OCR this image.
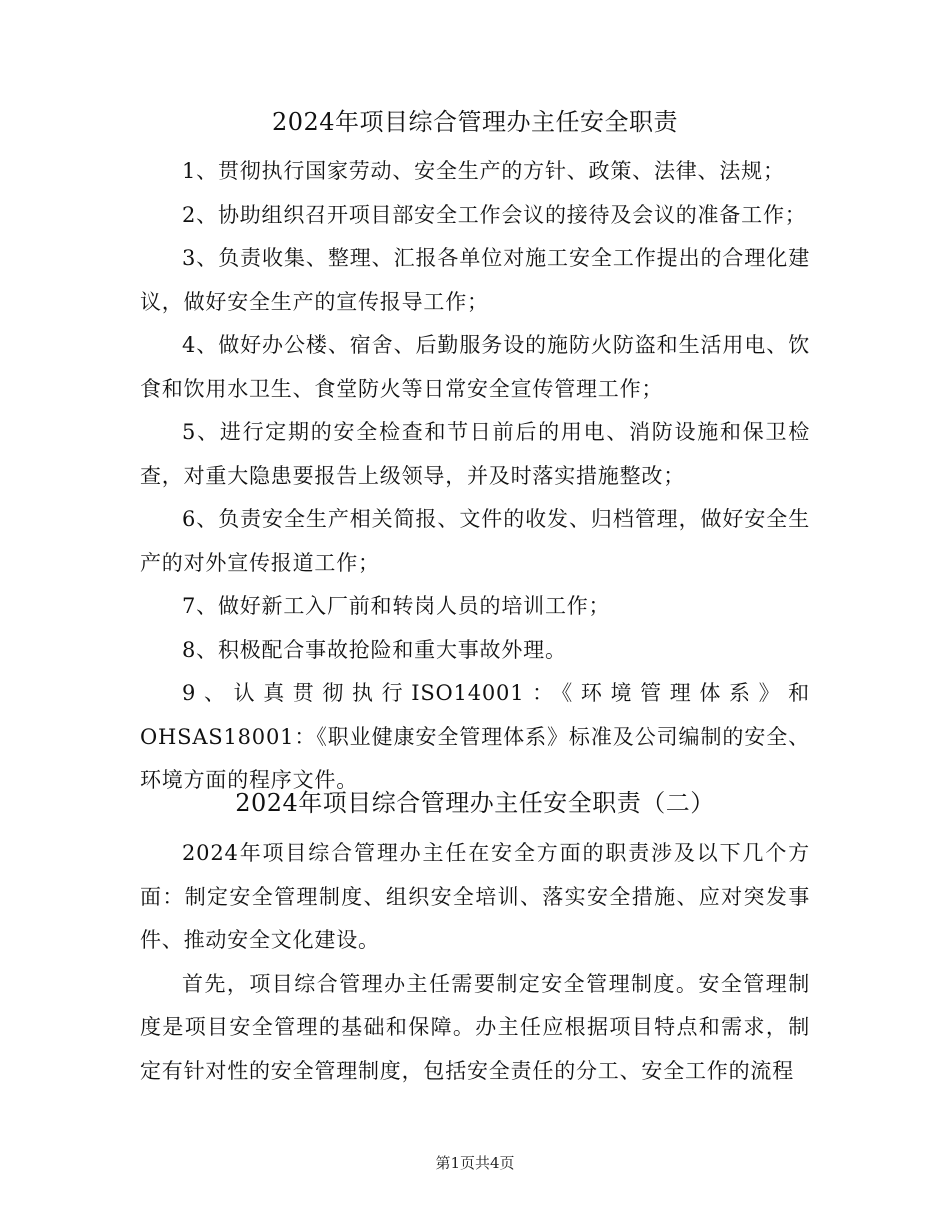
2024年项目综合管理办主任安全职责

1、贯彻执行国家劳动、安全生产的方针、政策、法律、法规；

2、协助组织召开项目部安全工作会议的接待及会议的准备工作；

3、负责收集、整理、汇报各单位对施工安全工作提出的合理化建议，做好安全生产的宣传报导工作；

4、做好办公楼、宿舍、后勤服务设的施防火防盗和生活用电、饮食和饮用水卫生、食堂防火等日常安全宣传管理工作；

5、进行定期的安全检查和节日前后的用电、消防设施和保卫检查，对重大隐患要报告上级领导，并及时落实措施整改；

6、负责安全生产相关简报、文件的收发、归档管理，做好安全生产的对外宣传报道工作；

7、做好新工入厂前和转岗人员的培训工作；

8、积极配合事故抢险和重大事故外理。

9、认真贯彻执行ISO14001：《环境管理体系》和OHSAS18001：《职业健康安全管理体系》标准及公司编制的安全、环境方面的程序文件。

2024年项目综合管理办主任安全职责（二）

2024年项目综合管理办主任在安全方面的职责涉及以下几个方面：制定安全管理制度、组织安全培训、落实安全措施、应对突发事件、推动安全文化建设。

首先，项目综合管理办主任需要制定安全管理制度。安全管理制度是项目安全管理的基础和保障。办主任应根据项目特点和需求，制定有针对性的安全管理制度，包括安全责任的分工、安全工作的流程

第1页共4页
